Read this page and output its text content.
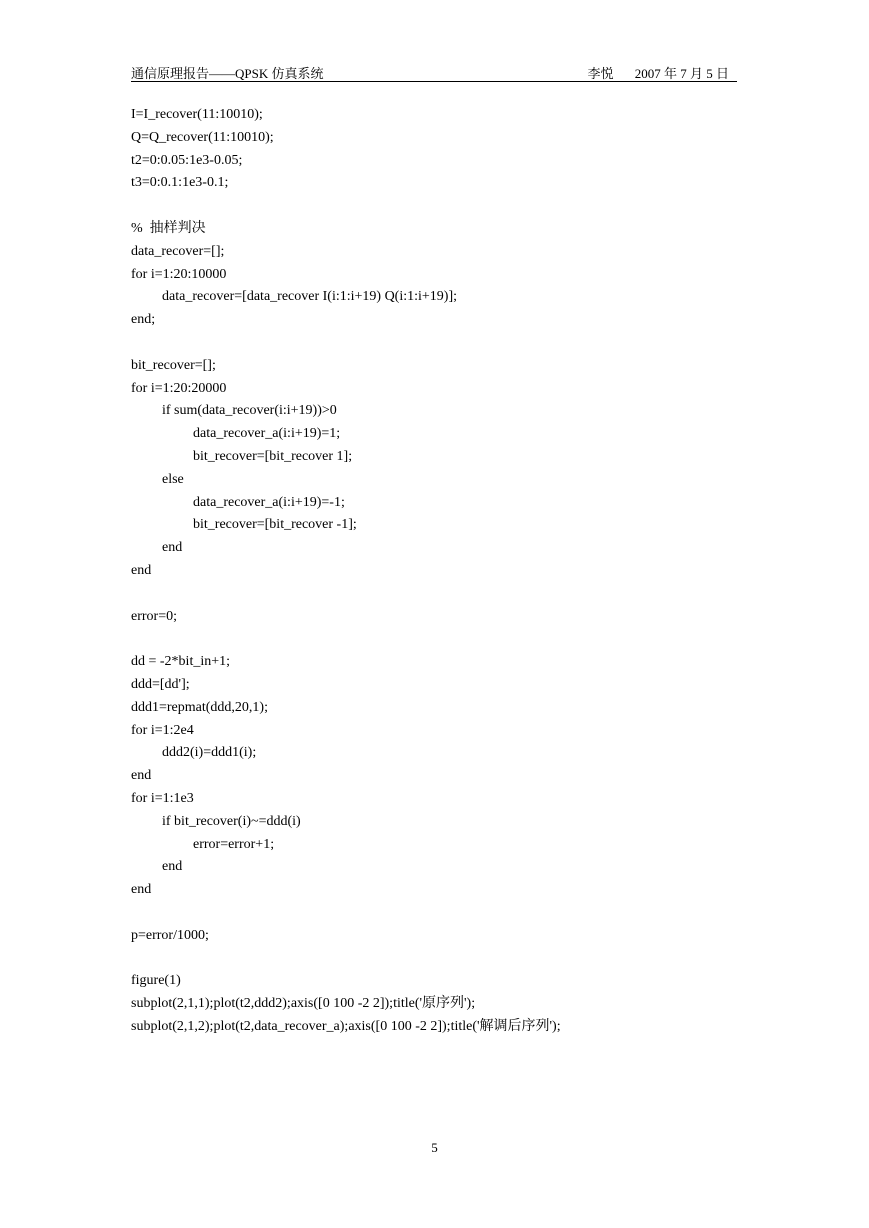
通信原理报告——QPSK 仿真系统	李悦 2007 年 7 月 5 日
I=I_recover(11:10010);
Q=Q_recover(11:10010);
t2=0:0.05:1e3-0.05;
t3=0:0.1:1e3-0.1;
%  抽样判决
data_recover=[];
for i=1:20:10000
data_recover=[data_recover I(i:1:i+19) Q(i:1:i+19)];
end;
bit_recover=[];
for i=1:20:20000
if sum(data_recover(i:i+19))>0
data_recover_a(i:i+19)=1;
bit_recover=[bit_recover 1];
else
data_recover_a(i:i+19)=-1;
bit_recover=[bit_recover -1];
end
end
error=0;
dd = -2*bit_in+1;
ddd=[dd'];
ddd1=repmat(ddd,20,1);
for i=1:2e4
ddd2(i)=ddd1(i);
end
for i=1:1e3
if bit_recover(i)~=ddd(i)
error=error+1;
end
end
p=error/1000;
figure(1)
subplot(2,1,1);plot(t2,ddd2);axis([0 100 -2 2]);title('原序列');
subplot(2,1,2);plot(t2,data_recover_a);axis([0 100 -2 2]);title('解调后序列');
5
